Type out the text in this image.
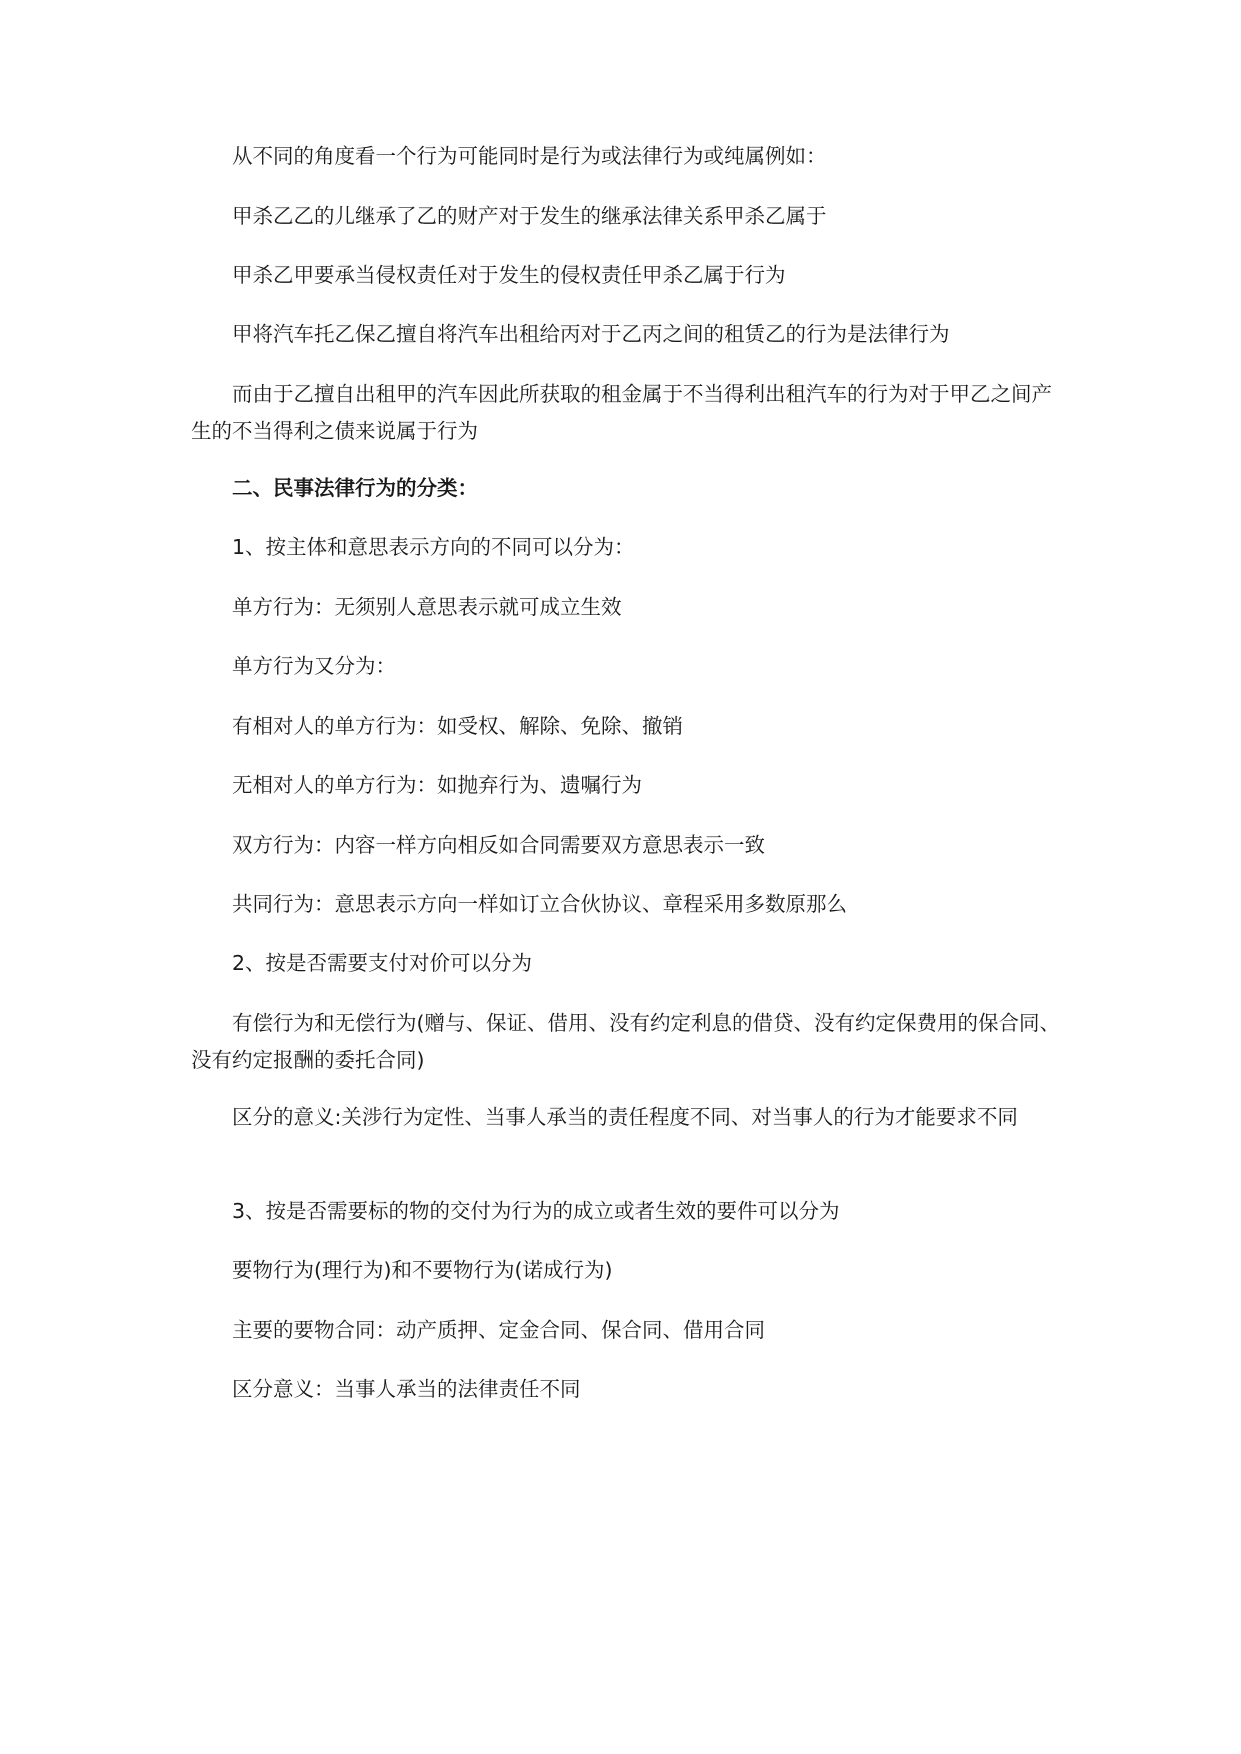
从不同的角度看一个行为可能同时是行为或法律行为或纯属例如：

甲杀乙乙的儿继承了乙的财产对于发生的继承法律关系甲杀乙属于

甲杀乙甲要承当侵权责任对于发生的侵权责任甲杀乙属于行为

甲将汽车托乙保乙擅自将汽车出租给丙对于乙丙之间的租赁乙的行为是法律行为

而由于乙擅自出租甲的汽车因此所获取的租金属于不当得利出租汽车的行为对于甲乙之间产生的不当得利之债来说属于行为

二、民事法律行为的分类：

1、按主体和意思表示方向的不同可以分为：

单方行为：无须别人意思表示就可成立生效

单方行为又分为：

有相对人的单方行为：如受权、解除、免除、撤销

无相对人的单方行为：如抛弃行为、遗嘱行为

双方行为：内容一样方向相反如合同需要双方意思表示一致

共同行为：意思表示方向一样如订立合伙协议、章程采用多数原那么

2、按是否需要支付对价可以分为

有偿行为和无偿行为(赠与、保证、借用、没有约定利息的借贷、没有约定保费用的保合同、没有约定报酬的委托合同)

区分的意义:关涉行为定性、当事人承当的责任程度不同、对当事人的行为才能要求不同

3、按是否需要标的物的交付为行为的成立或者生效的要件可以分为

要物行为(理行为)和不要物行为(诺成行为)

主要的要物合同：动产质押、定金合同、保合同、借用合同

区分意义：当事人承当的法律责任不同
